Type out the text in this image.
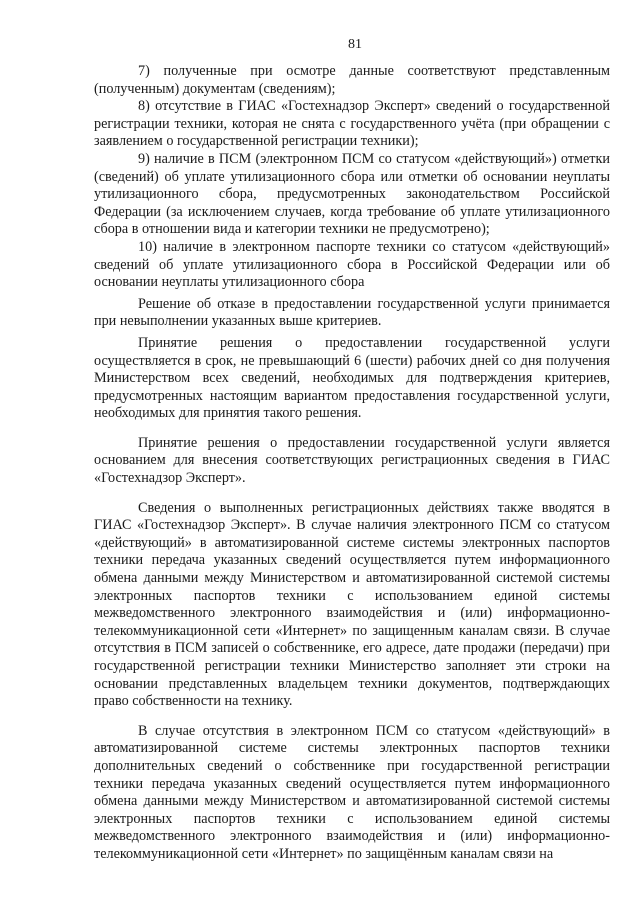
81

7) полученные при осмотре данные соответствуют представленным (полученным) документам (сведениям);

8) отсутствие в ГИАС «Гостехнадзор Эксперт» сведений о государственной регистрации техники, которая не снята с государственного учёта (при обращении с заявлением о государственной регистрации техники);

9) наличие в ПСМ (электронном ПСМ со статусом «действующий») отметки (сведений) об уплате утилизационного сбора или отметки об основании неуплаты утилизационного сбора, предусмотренных законодательством Российской Федерации (за исключением случаев, когда требование об уплате утилизационного сбора в отношении вида и категории техники не предусмотрено);

10) наличие в электронном паспорте техники со статусом «действующий» сведений об уплате утилизационного сбора в Российской Федерации или об основании неуплаты утилизационного сбора

Решение об отказе в предоставлении государственной услуги принимается при невыполнении указанных выше критериев.

Принятие решения о предоставлении государственной услуги осуществляется в срок, не превышающий 6 (шести) рабочих дней со дня получения Министерством всех сведений, необходимых для подтверждения критериев, предусмотренных настоящим вариантом предоставления государственной услуги, необходимых для принятия такого решения.

Принятие решения о предоставлении государственной услуги является основанием для внесения соответствующих регистрационных сведения в ГИАС «Гостехнадзор Эксперт».

Сведения о выполненных регистрационных действиях также вводятся в ГИАС «Гостехнадзор Эксперт». В случае наличия электронного ПСМ со статусом «действующий» в автоматизированной системе системы электронных паспортов техники передача указанных сведений осуществляется путем информационного обмена данными между Министерством и автоматизированной системой системы электронных паспортов техники с использованием единой системы межведомственного электронного взаимодействия и (или) информационно-телекоммуникационной сети «Интернет» по защищенным каналам связи. В случае отсутствия в ПСМ записей о собственнике, его адресе, дате продажи (передачи) при государственной регистрации техники Министерство заполняет эти строки на основании представленных владельцем техники документов, подтверждающих право собственности на технику.

В случае отсутствия в электронном ПСМ со статусом «действующий» в автоматизированной системе системы электронных паспортов техники дополнительных сведений о собственнике при государственной регистрации техники передача указанных сведений осуществляется путем информационного обмена данными между Министерством и автоматизированной системой системы электронных паспортов техники с использованием единой системы межведомственного электронного взаимодействия и (или) информационно-телекоммуникационной сети «Интернет» по защищённым каналам связи на
